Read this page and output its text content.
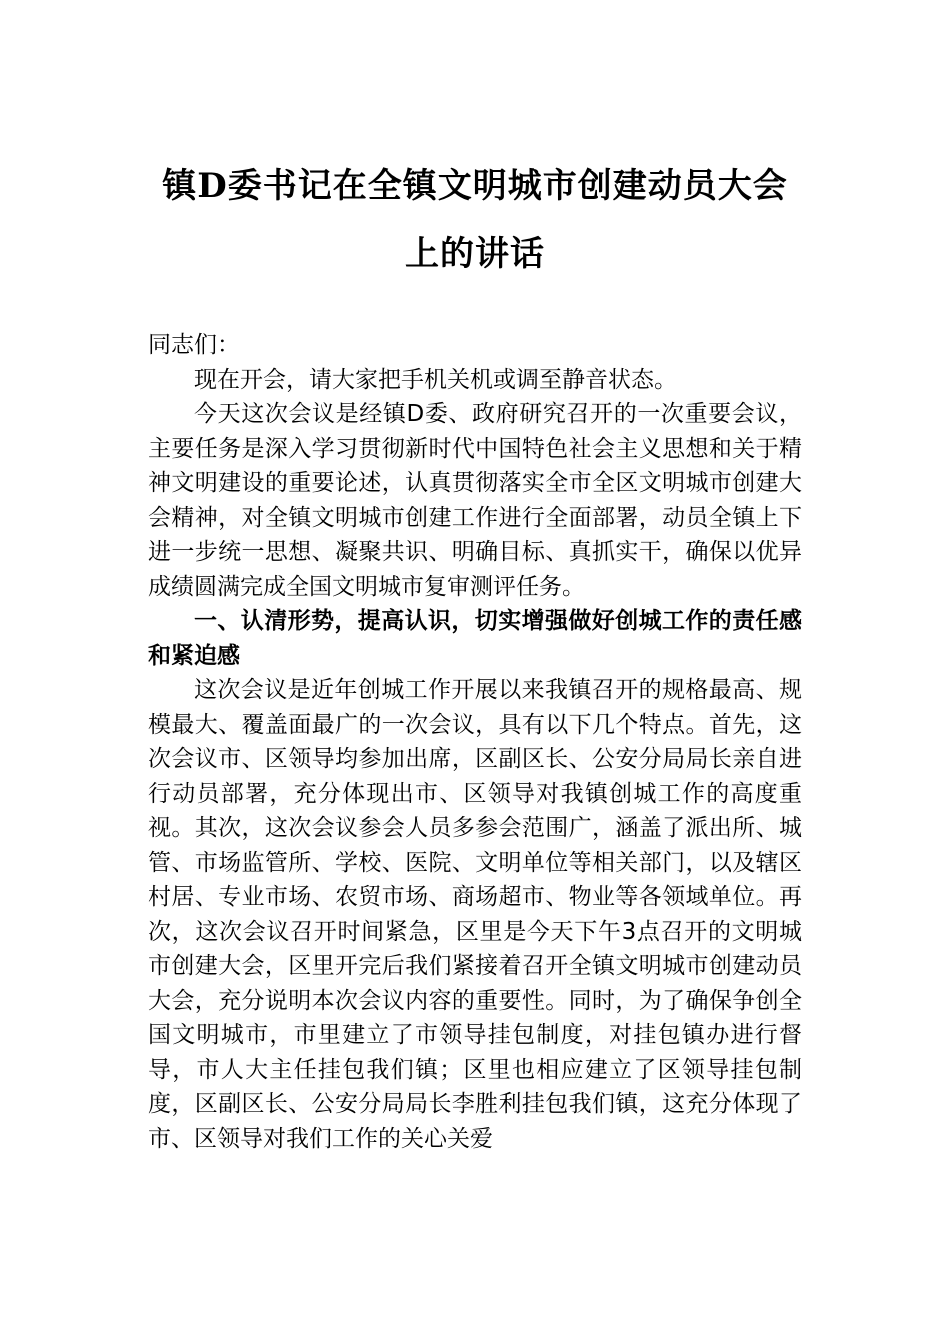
镇D委书记在全镇文明城市创建动员大会
上的讲话

同志们：

现在开会，请大家把手机关机或调至静音状态。

今天这次会议是经镇D委、政府研究召开的一次重要会议，主要任务是深入学习贯彻新时代中国特色社会主义思想和关于精神文明建设的重要论述，认真贯彻落实全市全区文明城市创建大会精神，对全镇文明城市创建工作进行全面部署，动员全镇上下进一步统一思想、凝聚共识、明确目标、真抓实干，确保以优异成绩圆满完成全国文明城市复审测评任务。

一、认清形势，提高认识，切实增强做好创城工作的责任感和紧迫感

这次会议是近年创城工作开展以来我镇召开的规格最高、规模最大、覆盖面最广的一次会议，具有以下几个特点。首先，这次会议市、区领导均参加出席，区副区长、公安分局局长亲自进行动员部署，充分体现出市、区领导对我镇创城工作的高度重视。其次，这次会议参会人员多参会范围广，涵盖了派出所、城管、市场监管所、学校、医院、文明单位等相关部门，以及辖区村居、专业市场、农贸市场、商场超市、物业等各领域单位。再次，这次会议召开时间紧急，区里是今天下午3点召开的文明城市创建大会，区里开完后我们紧接着召开全镇文明城市创建动员大会，充分说明本次会议内容的重要性。同时，为了确保争创全国文明城市，市里建立了市领导挂包制度，对挂包镇办进行督导，市人大主任挂包我们镇；区里也相应建立了区领导挂包制度，区副区长、公安分局局长李胜利挂包我们镇，这充分体现了市、区领导对我们工作的关心关爱
